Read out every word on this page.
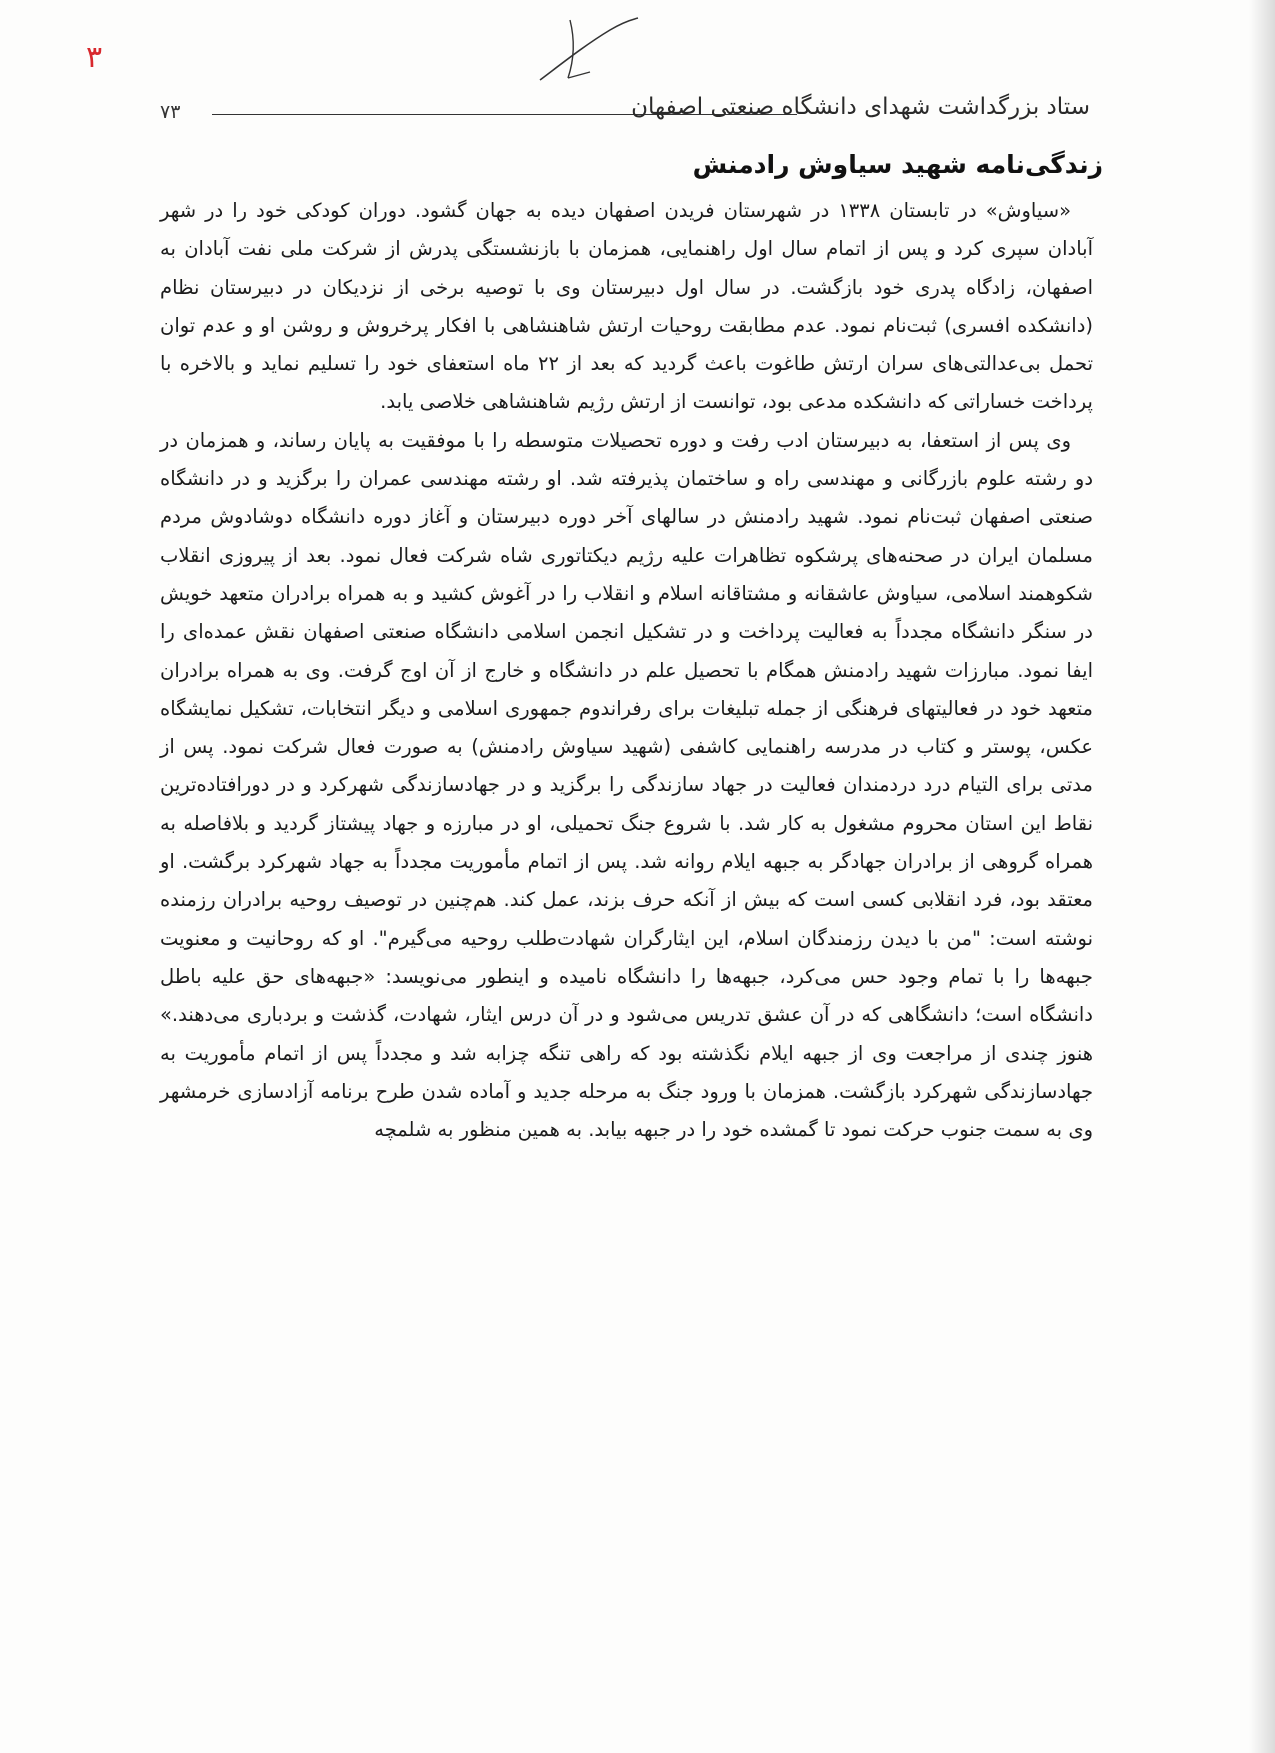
۳
۷۳	ستاد بزرگداشت شهدای دانشگاه صنعتی اصفهان
زندگی‌نامه شهید سیاوش رادمنش

«سیاوش» در تابستان ۱۳۳۸ در شهرستان فریدن اصفهان دیده به جهان گشود. دوران کودکی خود را در شهر آبادان سپری کرد و پس از اتمام سال اول راهنمایی، همزمان با بازنشستگی پدرش از شرکت ملی نفت آبادان به اصفهان، زادگاه پدری خود بازگشت. در سال اول دبیرستان وی با توصیه برخی از نزدیکان در دبیرستان نظام (دانشکده افسری) ثبت‌نام نمود. عدم مطابقت روحیات ارتش شاهنشاهی با افکار پرخروش و روشن او و عدم توان تحمل بی‌عدالتی‌های سران ارتش طاغوت باعث گردید که بعد از ۲۲ ماه استعفای خود را تسلیم نماید و بالاخره با پرداخت خساراتی که دانشکده مدعی بود، توانست از ارتش رژیم شاهنشاهی خلاصی یابد.

وی پس از استعفا، به دبیرستان ادب رفت و دوره تحصیلات متوسطه را با موفقیت به پایان رساند، و همزمان در دو رشته علوم بازرگانی و مهندسی راه و ساختمان پذیرفته شد. او رشته مهندسی عمران را برگزید و در دانشگاه صنعتی اصفهان ثبت‌نام نمود. شهید رادمنش در سالهای آخر دوره دبیرستان و آغاز دوره دانشگاه دوشادوش مردم مسلمان ایران در صحنه‌های پرشکوه تظاهرات علیه رژیم دیکتاتوری شاه شرکت فعال نمود. بعد از پیروزی انقلاب شکوهمند اسلامی، سیاوش عاشقانه و مشتاقانه اسلام و انقلاب را در آغوش کشید و به همراه برادران متعهد خویش در سنگر دانشگاه مجدداً به فعالیت پرداخت و در تشکیل انجمن اسلامی دانشگاه صنعتی اصفهان نقش عمده‌ای را ایفا نمود. مبارزات شهید رادمنش همگام با تحصیل علم در دانشگاه و خارج از آن اوج گرفت. وی به همراه برادران متعهد خود در فعالیتهای فرهنگی از جمله تبلیغات برای رفراندوم جمهوری اسلامی و دیگر انتخابات، تشکیل نمایشگاه عکس، پوستر و کتاب در مدرسه راهنمایی کاشفی (شهید سیاوش رادمنش) به صورت فعال شرکت نمود. پس از مدتی برای التیام درد دردمندان فعالیت در جهاد سازندگی را برگزید و در جهادسازندگی شهرکرد و در دورافتاده‌ترین نقاط این استان محروم مشغول به کار شد. با شروع جنگ تحمیلی، او در مبارزه و جهاد پیشتاز گردید و بلافاصله به همراه گروهی از برادران جهادگر به جبهه ایلام روانه شد. پس از اتمام مأموریت مجدداً به جهاد شهرکرد برگشت. او معتقد بود، فرد انقلابی کسی است که بیش از آنکه حرف بزند، عمل کند. هم‌چنین در توصیف روحیه برادران رزمنده نوشته است: "من با دیدن رزمندگان اسلام، این ایثارگران شهادت‌طلب روحیه می‌گیرم". او که روحانیت و معنویت جبهه‌ها را با تمام وجود حس می‌کرد، جبهه‌ها را دانشگاه نامیده و اینطور می‌نویسد: «جبهه‌های حق علیه باطل دانشگاه است؛ دانشگاهی که در آن عشق تدریس می‌شود و در آن درس ایثار، شهادت، گذشت و بردباری می‌دهند.» هنوز چندی از مراجعت وی از جبهه ایلام نگذشته بود که راهی تنگه چزابه شد و مجدداً پس از اتمام مأموریت به جهادسازندگی شهرکرد بازگشت. همزمان با ورود جنگ به مرحله جدید و آماده شدن طرح برنامه آزادسازی خرمشهر وی به سمت جنوب حرکت نمود تا گمشده خود را در جبهه بیابد. به همین منظور به شلمچه
